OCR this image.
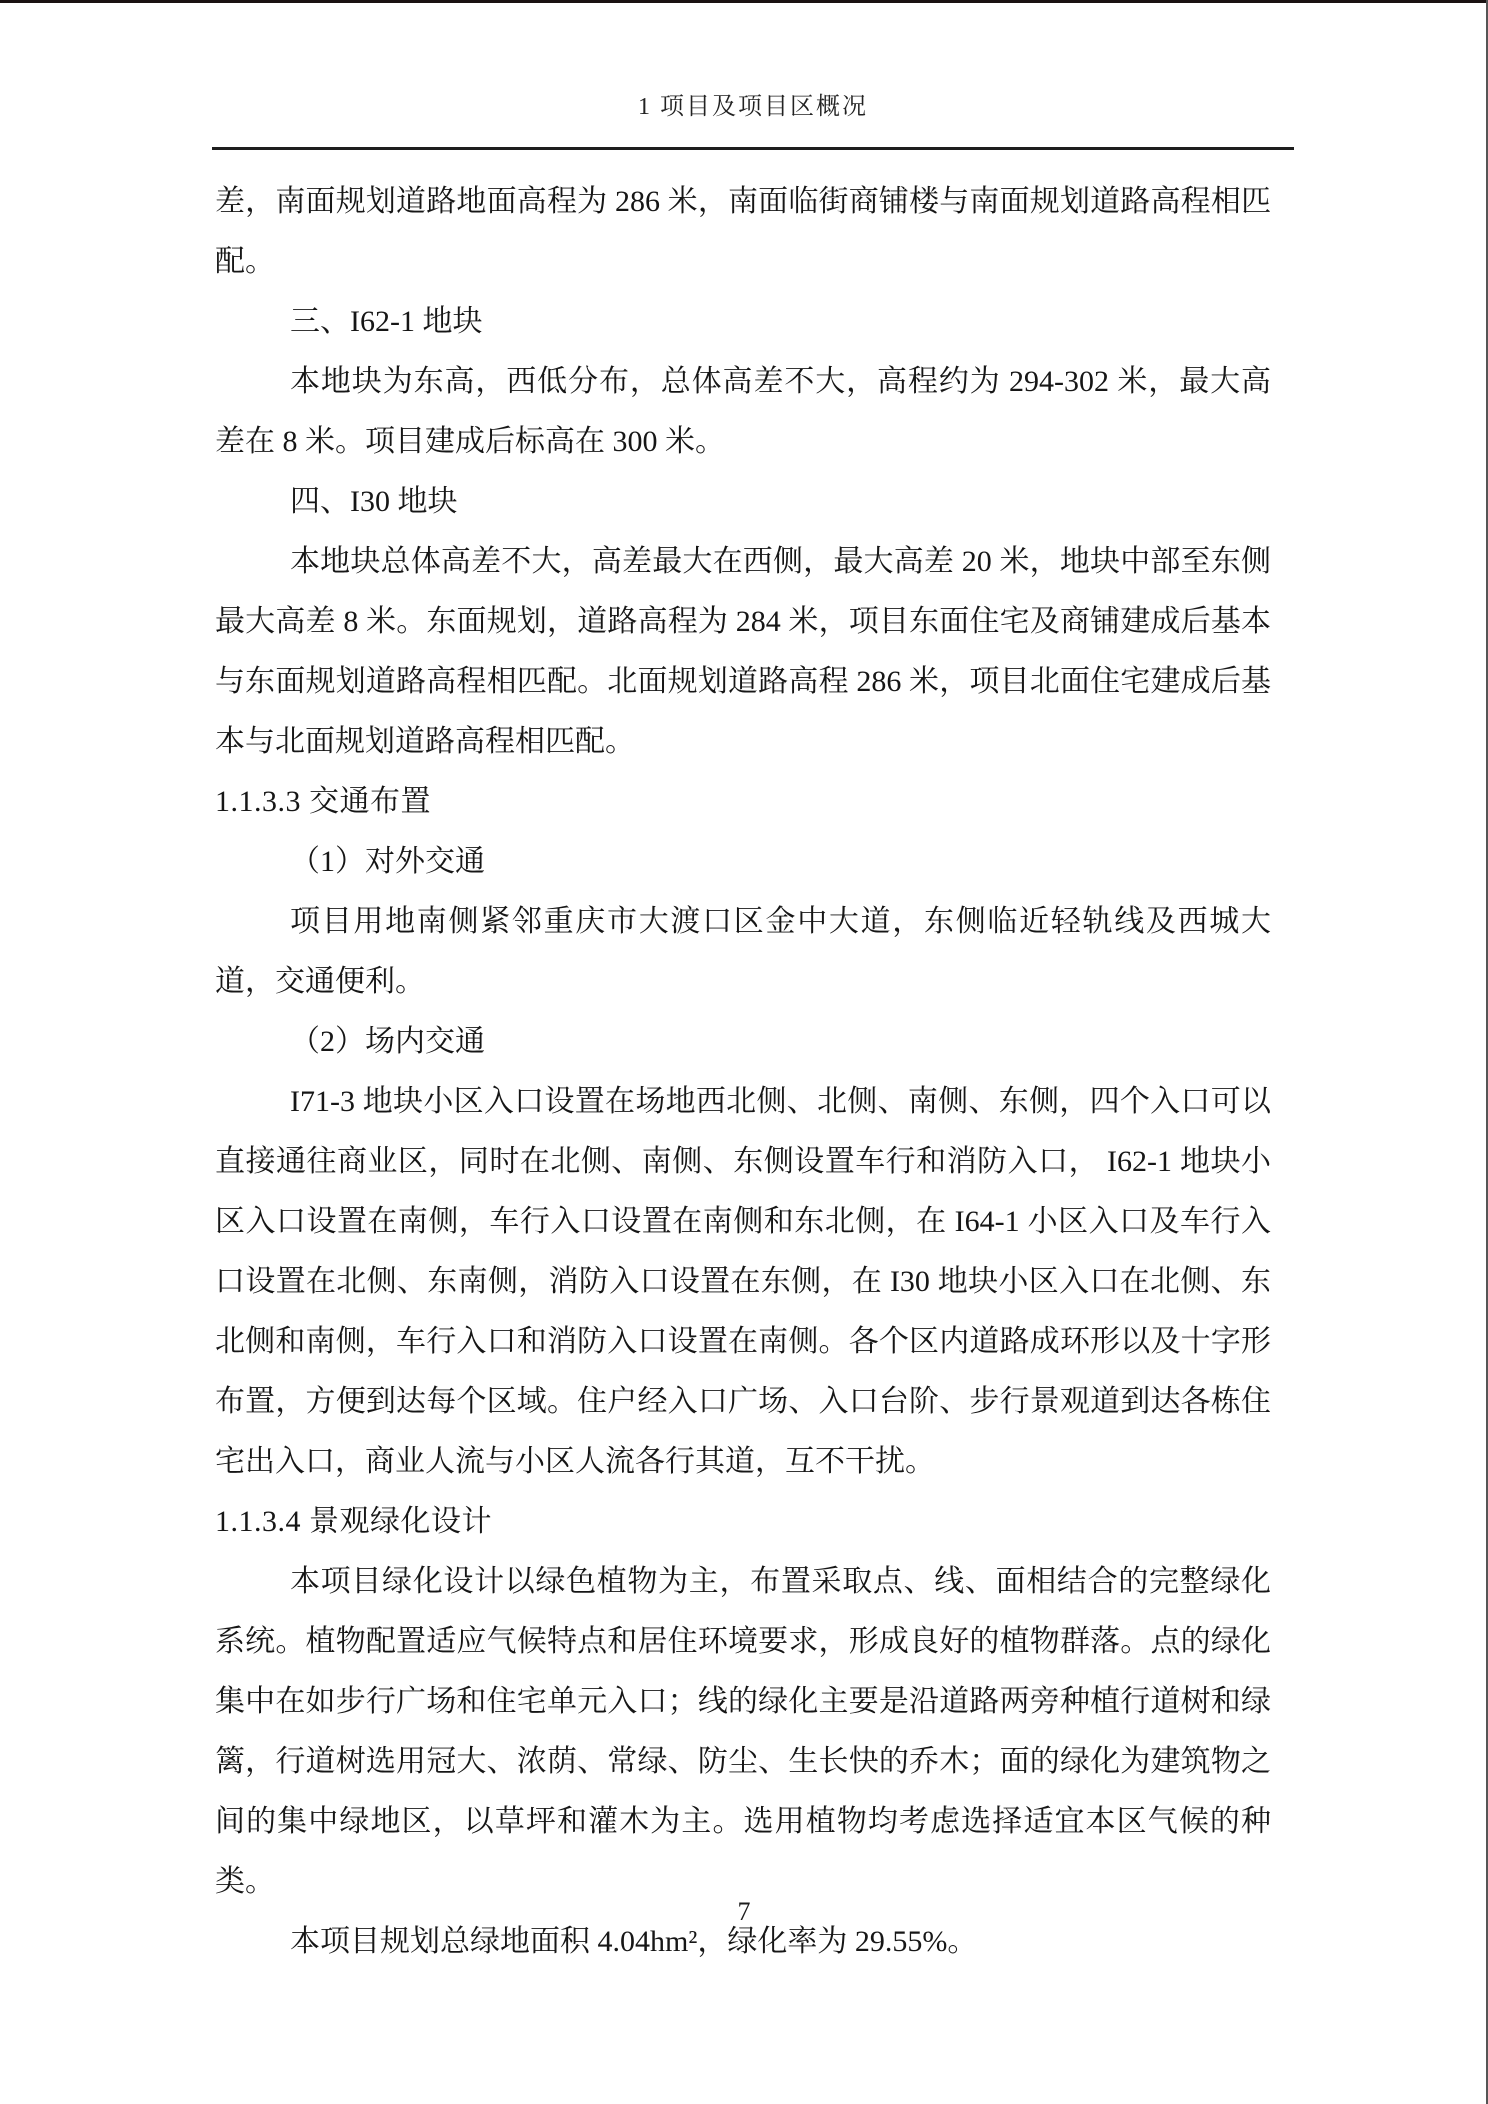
1 项目及项目区概况

差，南面规划道路地面高程为 286 米，南面临街商铺楼与南面规划道路高程相匹配。

三、I62-1 地块

本地块为东高，西低分布，总体高差不大，高程约为 294-302 米，最大高差在 8 米。项目建成后标高在 300 米。

四、I30 地块

本地块总体高差不大，高差最大在西侧，最大高差 20 米，地块中部至东侧最大高差 8 米。东面规划，道路高程为 284 米，项目东面住宅及商铺建成后基本与东面规划道路高程相匹配。北面规划道路高程 286 米，项目北面住宅建成后基本与北面规划道路高程相匹配。

1.1.3.3 交通布置

（1）对外交通

项目用地南侧紧邻重庆市大渡口区金中大道，东侧临近轻轨线及西城大道，交通便利。

（2）场内交通

I71-3 地块小区入口设置在场地西北侧、北侧、南侧、东侧，四个入口可以直接通往商业区，同时在北侧、南侧、东侧设置车行和消防入口， I62-1 地块小区入口设置在南侧，车行入口设置在南侧和东北侧，在 I64-1 小区入口及车行入口设置在北侧、东南侧，消防入口设置在东侧，在 I30 地块小区入口在北侧、东北侧和南侧，车行入口和消防入口设置在南侧。各个区内道路成环形以及十字形布置，方便到达每个区域。住户经入口广场、入口台阶、步行景观道到达各栋住宅出入口，商业人流与小区人流各行其道，互不干扰。

1.1.3.4 景观绿化设计

本项目绿化设计以绿色植物为主，布置采取点、线、面相结合的完整绿化系统。植物配置适应气候特点和居住环境要求，形成良好的植物群落。点的绿化集中在如步行广场和住宅单元入口；线的绿化主要是沿道路两旁种植行道树和绿篱，行道树选用冠大、浓荫、常绿、防尘、生长快的乔木；面的绿化为建筑物之间的集中绿地区，以草坪和灌木为主。选用植物均考虑选择适宜本区气候的种类。

本项目规划总绿地面积 4.04hm²，绿化率为 29.55%。

7
